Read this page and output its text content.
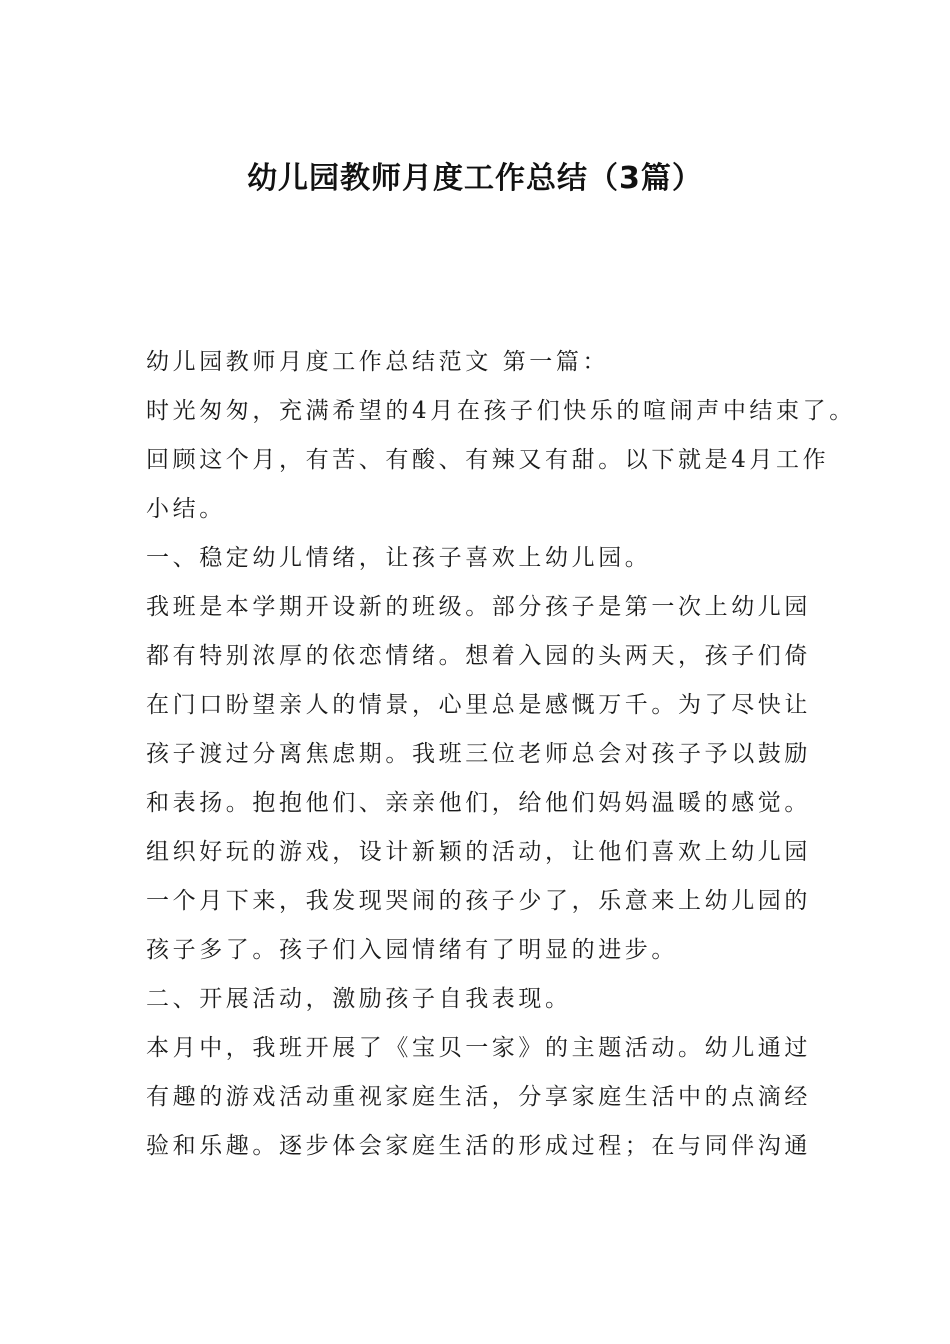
幼儿园教师月度工作总结（3篇）
幼儿园教师月度工作总结范文 第一篇：
时光匆匆，充满希望的4月在孩子们快乐的喧闹声中结束了。
回顾这个月，有苦、有酸、有辣又有甜。以下就是4月工作
小结。
一、稳定幼儿情绪，让孩子喜欢上幼儿园。
我班是本学期开设新的班级。部分孩子是第一次上幼儿园
都有特别浓厚的依恋情绪。想着入园的头两天，孩子们倚
在门口盼望亲人的情景，心里总是感慨万千。为了尽快让
孩子渡过分离焦虑期。我班三位老师总会对孩子予以鼓励
和表扬。抱抱他们、亲亲他们，给他们妈妈温暖的感觉。
组织好玩的游戏，设计新颖的活动，让他们喜欢上幼儿园
一个月下来，我发现哭闹的孩子少了，乐意来上幼儿园的
孩子多了。孩子们入园情绪有了明显的进步。
二、开展活动，激励孩子自我表现。
本月中，我班开展了《宝贝一家》的主题活动。幼儿通过
有趣的游戏活动重视家庭生活，分享家庭生活中的点滴经
验和乐趣。逐步体会家庭生活的形成过程；在与同伴沟通
